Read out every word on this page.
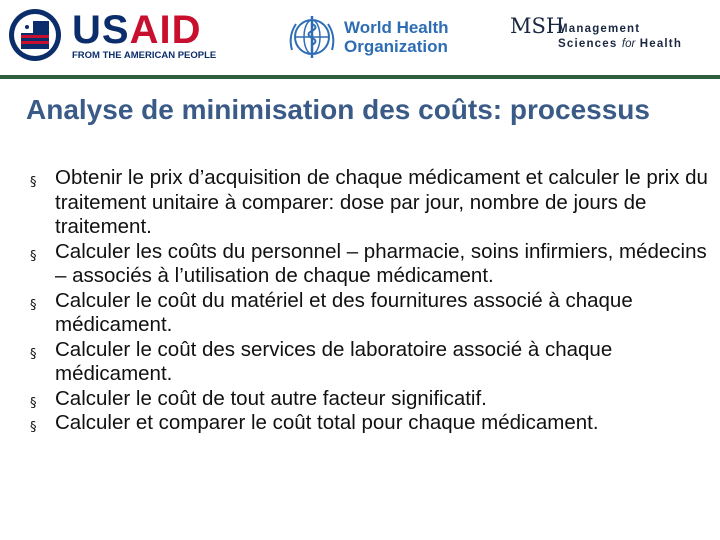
USAID
FROM THE AMERICAN PEOPLE
World Health
Organization
MSH
Management
Sciences for Health
Analyse de minimisation des coûts: processus
§ Obtenir le prix d’acquisition de chaque médicament et calculer le prix du traitement unitaire à comparer: dose par jour, nombre de jours de traitement.
§ Calculer les coûts du personnel – pharmacie, soins infirmiers, médecins – associés à l’utilisation de chaque médicament.
§ Calculer le coût du matériel et des fournitures associé à chaque médicament.
§ Calculer le coût des services de laboratoire associé à chaque médicament.
§ Calculer le coût de tout autre facteur significatif.
§ Calculer et comparer le coût total pour chaque médicament.
